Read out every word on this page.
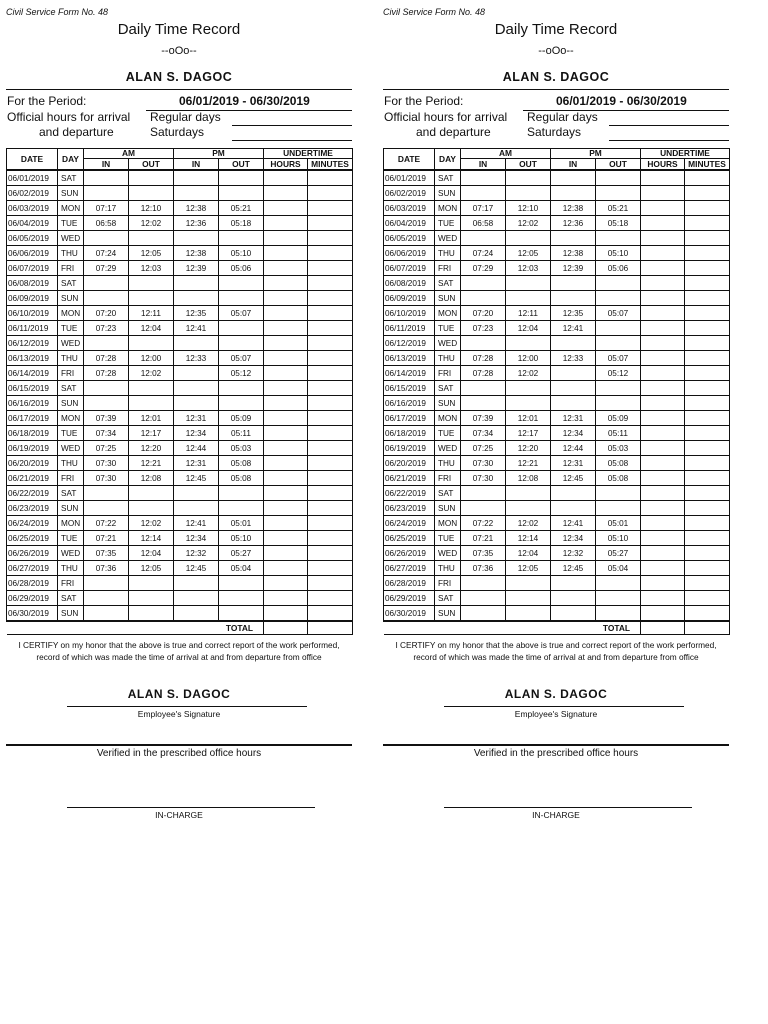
Civil Service Form No. 48
Daily Time Record
--oOo--
ALAN S. DAGOC
For the Period:	06/01/2019 - 06/30/2019
Official hours for arrival Regular days
and departure	Saturdays
DATE	DAY	AM		PM		UNDERTIME	
		IN	OUT	IN	OUT	HOURS	MINUTES
06/01/2019	SAT						
06/02/2019	SUN						
06/03/2019	MON	07:17	12:10	12:38	05:21		
06/04/2019	TUE	06:58	12:02	12:36	05:18		
06/05/2019	WED						
06/06/2019	THU	07:24	12:05	12:38	05:10		
06/07/2019	FRI	07:29	12:03	12:39	05:06		
06/08/2019	SAT						
06/09/2019	SUN						
06/10/2019	MON	07:20	12:11	12:35	05:07		
06/11/2019	TUE	07:23	12:04	12:41			
06/12/2019	WED						
06/13/2019	THU	07:28	12:00	12:33	05:07		
06/14/2019	FRI	07:28	12:02		05:12		
06/15/2019	SAT						
06/16/2019	SUN						
06/17/2019	MON	07:39	12:01	12:31	05:09		
06/18/2019	TUE	07:34	12:17	12:34	05:11		
06/19/2019	WED	07:25	12:20	12:44	05:03		
06/20/2019	THU	07:30	12:21	12:31	05:08		
06/21/2019	FRI	07:30	12:08	12:45	05:08		
06/22/2019	SAT						
06/23/2019	SUN						
06/24/2019	MON	07:22	12:02	12:41	05:01		
06/25/2019	TUE	07:21	12:14	12:34	05:10		
06/26/2019	WED	07:35	12:04	12:32	05:27		
06/27/2019	THU	07:36	12:05	12:45	05:04		
06/28/2019	FRI						
06/29/2019	SAT						
06/30/2019	SUN						
TOTAL							
I CERTIFY on my honor that the above is true and correct report of the work performed, record of which was made the time of arrival at and from departure from office
ALAN S. DAGOC
Employee's Signature
Verified in the prescribed office hours
IN-CHARGE
Civil Service Form No. 48
Daily Time Record
--oOo--
ALAN S. DAGOC
For the Period:	06/01/2019 - 06/30/2019
Official hours for arrival Regular days
and departure	Saturdays
DATE	DAY	AM		PM		UNDERTIME	
		IN	OUT	IN	OUT	HOURS	MINUTES
06/01/2019	SAT						
06/02/2019	SUN						
06/03/2019	MON	07:17	12:10	12:38	05:21		
06/04/2019	TUE	06:58	12:02	12:36	05:18		
06/05/2019	WED						
06/06/2019	THU	07:24	12:05	12:38	05:10		
06/07/2019	FRI	07:29	12:03	12:39	05:06		
06/08/2019	SAT						
06/09/2019	SUN						
06/10/2019	MON	07:20	12:11	12:35	05:07		
06/11/2019	TUE	07:23	12:04	12:41			
06/12/2019	WED						
06/13/2019	THU	07:28	12:00	12:33	05:07		
06/14/2019	FRI	07:28	12:02		05:12		
06/15/2019	SAT						
06/16/2019	SUN						
06/17/2019	MON	07:39	12:01	12:31	05:09		
06/18/2019	TUE	07:34	12:17	12:34	05:11		
06/19/2019	WED	07:25	12:20	12:44	05:03		
06/20/2019	THU	07:30	12:21	12:31	05:08		
06/21/2019	FRI	07:30	12:08	12:45	05:08		
06/22/2019	SAT						
06/23/2019	SUN						
06/24/2019	MON	07:22	12:02	12:41	05:01		
06/25/2019	TUE	07:21	12:14	12:34	05:10		
06/26/2019	WED	07:35	12:04	12:32	05:27		
06/27/2019	THU	07:36	12:05	12:45	05:04		
06/28/2019	FRI						
06/29/2019	SAT						
06/30/2019	SUN						
TOTAL							
I CERTIFY on my honor that the above is true and correct report of the work performed, record of which was made the time of arrival at and from departure from office
ALAN S. DAGOC
Employee's Signature
Verified in the prescribed office hours
IN-CHARGE
